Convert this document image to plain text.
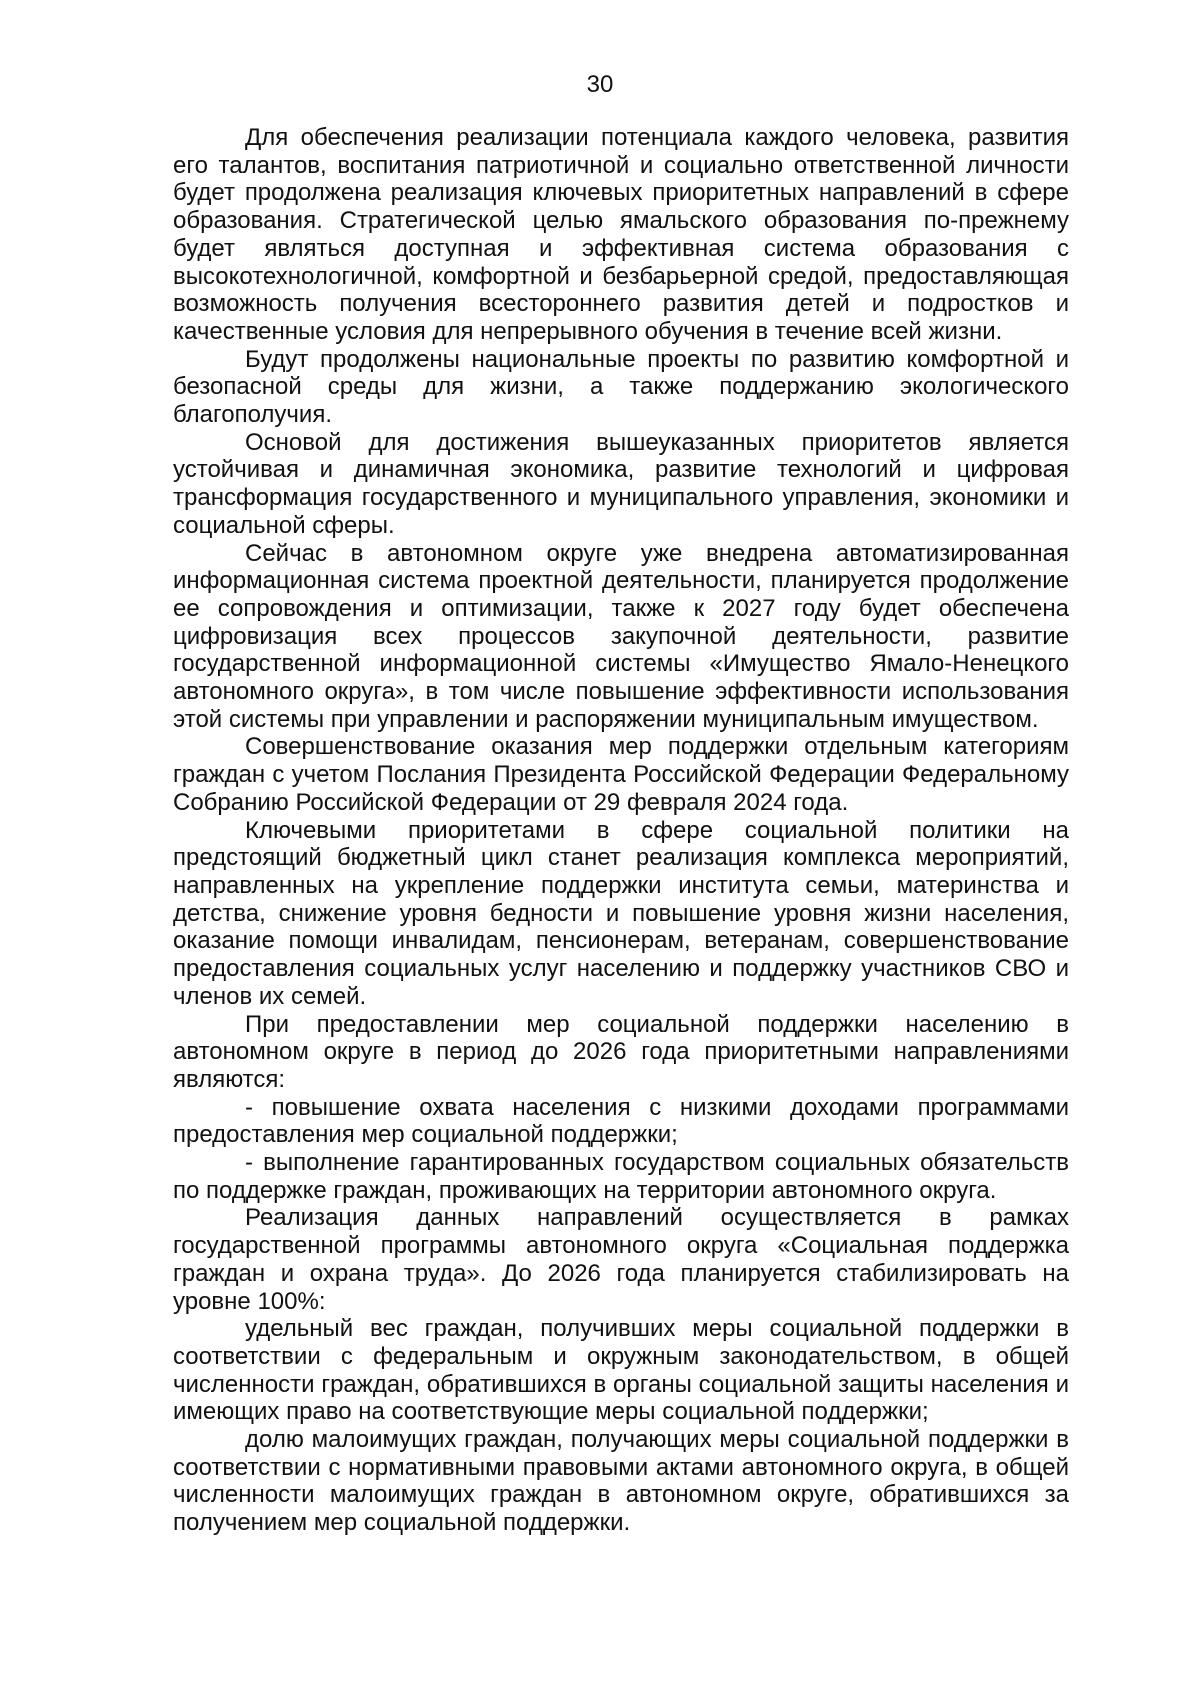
30

Для обеспечения реализации потенциала каждого человека, развития его талантов, воспитания патриотичной и социально ответственной личности будет продолжена реализация ключевых приоритетных направлений в сфере образования. Стратегической целью ямальского образования по-прежнему будет являться доступная и эффективная система образования с высокотехнологичной, комфортной и безбарьерной средой, предоставляющая возможность получения всестороннего развития детей и подростков и качественные условия для непрерывного обучения в течение всей жизни.

Будут продолжены национальные проекты по развитию комфортной и безопасной среды для жизни, а также поддержанию экологического благополучия.

Основой для достижения вышеуказанных приоритетов является устойчивая и динамичная экономика, развитие технологий и цифровая трансформация государственного и муниципального управления, экономики и социальной сферы.

Сейчас в автономном округе уже внедрена автоматизированная информационная система проектной деятельности, планируется продолжение ее сопровождения и оптимизации, также к 2027 году будет обеспечена цифровизация всех процессов закупочной деятельности, развитие государственной информационной системы «Имущество Ямало-Ненецкого автономного округа», в том числе повышение эффективности использования этой системы при управлении и распоряжении муниципальным имуществом.

Совершенствование оказания мер поддержки отдельным категориям граждан с учетом Послания Президента Российской Федерации Федеральному Собранию Российской Федерации от 29 февраля 2024 года.

Ключевыми приоритетами в сфере социальной политики на предстоящий бюджетный цикл станет реализация комплекса мероприятий, направленных на укрепление поддержки института семьи, материнства и детства, снижение уровня бедности и повышение уровня жизни населения, оказание помощи инвалидам, пенсионерам, ветеранам, совершенствование предоставления социальных услуг населению и поддержку участников СВО и членов их семей.

При предоставлении мер социальной поддержки населению в автономном округе в период до 2026 года приоритетными направлениями являются:

- повышение охвата населения с низкими доходами программами предоставления мер социальной поддержки;

- выполнение гарантированных государством социальных обязательств по поддержке граждан, проживающих на территории автономного округа.

Реализация данных направлений осуществляется в рамках государственной программы автономного округа «Социальная поддержка граждан и охрана труда». До 2026 года планируется стабилизировать на уровне 100%:

удельный вес граждан, получивших меры социальной поддержки в соответствии с федеральным и окружным законодательством, в общей численности граждан, обратившихся в органы социальной защиты населения и имеющих право на соответствующие меры социальной поддержки;

долю малоимущих граждан, получающих меры социальной поддержки в соответствии с нормативными правовыми актами автономного округа, в общей численности малоимущих граждан в автономном округе, обратившихся за получением мер социальной поддержки.
